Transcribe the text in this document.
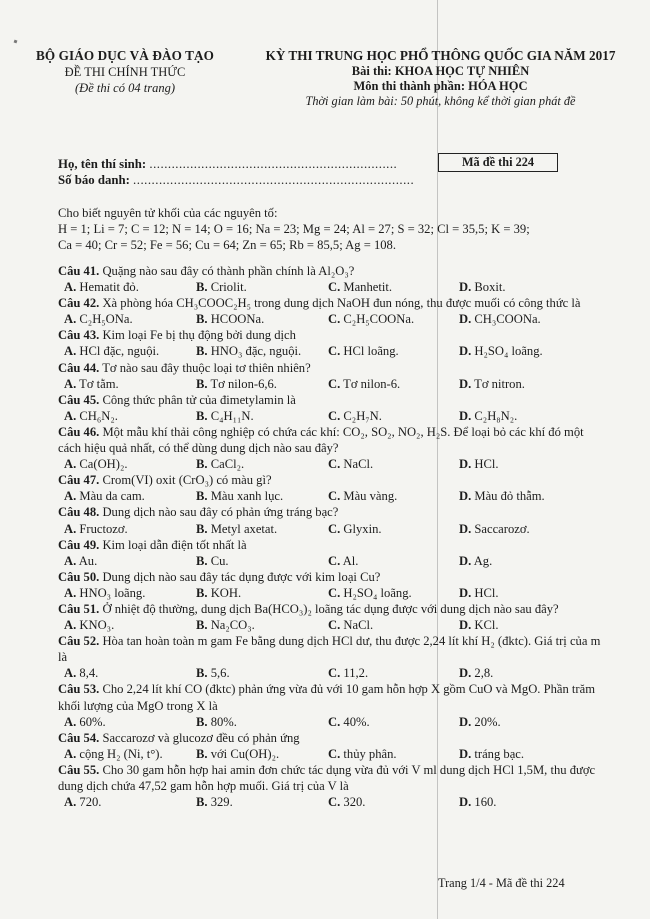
BỘ GIÁO DỤC VÀ ĐÀO TẠO
ĐỀ THI CHÍNH THỨC
(Đề thi có 04 trang)
KỲ THI TRUNG HỌC PHỔ THÔNG QUỐC GIA NĂM 2017
Bài thi: KHOA HỌC TỰ NHIÊN
Môn thi thành phần: HÓA HỌC
Thời gian làm bài: 50 phút, không kể thời gian phát đề
Họ, tên thí sinh: ...................................................................
Số báo danh: ............................................................................
Mã đề thi 224
Cho biết nguyên tử khối của các nguyên tố:
H = 1; Li = 7; C = 12; N = 14; O = 16; Na = 23; Mg = 24; Al = 27; S = 32; Cl = 35,5; K = 39;
Ca = 40; Cr = 52; Fe = 56; Cu = 64; Zn = 65; Rb = 85,5; Ag = 108.
Câu 41. Quặng nào sau đây có thành phần chính là Al₂O₃?
A. Hematit đỏ.	B. Criolit.	C. Manhetit.	D. Boxit.
Câu 42. Xà phòng hóa CH₃COOC₂H₅ trong dung dịch NaOH đun nóng, thu được muối có công thức là
A. C₂H₅ONa.	B. HCOONa.	C. C₂H₅COONa.	D. CH₃COONa.
Câu 43. Kim loại Fe bị thụ động bởi dung dịch
A. HCl đặc, nguội.	B. HNO₃ đặc, nguội. C. HCl loãng.	D. H₂SO₄ loãng.
Câu 44. Tơ nào sau đây thuộc loại tơ thiên nhiên?
A. Tơ tằm.	B. Tơ nilon-6,6.	C. Tơ nilon-6.	D. Tơ nitron.
Câu 45. Công thức phân tử của đimetylamin là
A. CH₆N₂.	B. C₄H₁₁N.	C. C₂H₇N.	D. C₂H₈N₂.
Câu 46. Một mẫu khí thải công nghiệp có chứa các khí: CO₂, SO₂, NO₂, H₂S. Để loại bỏ các khí đó một cách hiệu quả nhất, có thể dùng dung dịch nào sau đây?
A. Ca(OH)₂.	B. CaCl₂.	C. NaCl.	D. HCl.
Câu 47. Crom(VI) oxit (CrO₃) có màu gì?
A. Màu da cam.	B. Màu xanh lục.	C. Màu vàng.	D. Màu đỏ thẫm.
Câu 48. Dung dịch nào sau đây có phản ứng tráng bạc?
A. Fructozơ.	B. Metyl axetat.	C. Glyxin.	D. Saccarozơ.
Câu 49. Kim loại dẫn điện tốt nhất là
A. Au.	B. Cu.	C. Al.	D. Ag.
Câu 50. Dung dịch nào sau đây tác dụng được với kim loại Cu?
A. HNO₃ loãng.	B. KOH.	C. H₂SO₄ loãng.	D. HCl.
Câu 51. Ở nhiệt độ thường, dung dịch Ba(HCO₃)₂ loãng tác dụng được với dung dịch nào sau đây?
A. KNO₃.	B. Na₂CO₃.	C. NaCl.	D. KCl.
Câu 52. Hòa tan hoàn toàn m gam Fe bằng dung dịch HCl dư, thu được 2,24 lít khí H₂ (đktc). Giá trị của m là
A. 8,4.	B. 5,6.	C. 11,2.	D. 2,8.
Câu 53. Cho 2,24 lít khí CO (đktc) phản ứng vừa đủ với 10 gam hỗn hợp X gồm CuO và MgO. Phần trăm khối lượng của MgO trong X là
A. 60%.	B. 80%.	C. 40%.	D. 20%.
Câu 54. Saccarozơ và glucozơ đều có phản ứng
A. cộng H₂ (Ni, t°).	B. với Cu(OH)₂.	C. thủy phân.	D. tráng bạc.
Câu 55. Cho 30 gam hỗn hợp hai amin đơn chức tác dụng vừa đủ với V ml dung dịch HCl 1,5M, thu được dung dịch chứa 47,52 gam hỗn hợp muối. Giá trị của V là
A. 720.	B. 329.	C. 320.	D. 160.
Trang 1/4 - Mã đề thi 224
